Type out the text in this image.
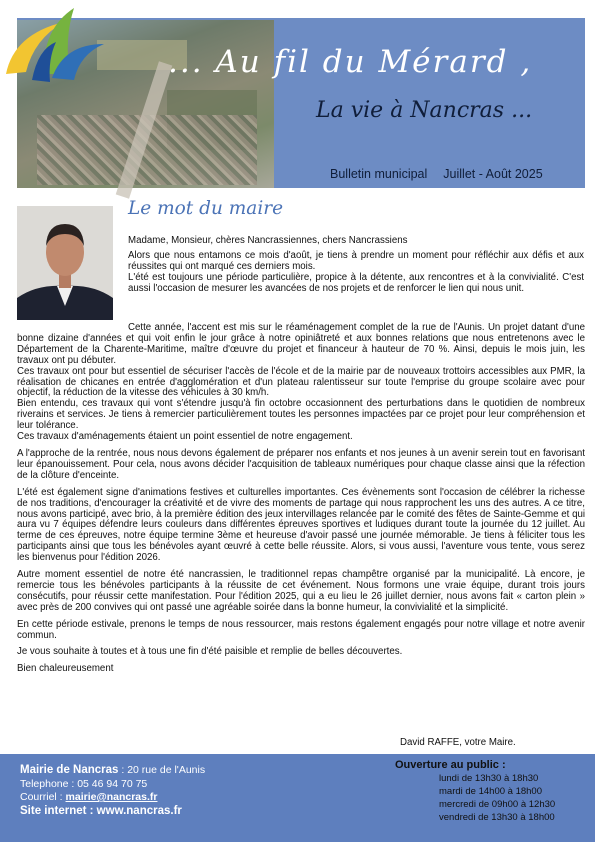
... Au fil du Mérard ,
La vie à Nancras ...
Bulletin municipal Juillet - Août 2025
Le mot du maire

Madame, Monsieur, chères Nancrassiennes, chers Nancrassiens

Alors que nous entamons ce mois d'août, je tiens à prendre un moment pour réfléchir aux défis et aux réussites qui ont marqué ces derniers mois.

L'été est toujours une période particulière, propice à la détente, aux rencontres et à la convivialité. C'est aussi l'occasion de mesurer les avancées de nos projets et de renforcer le lien qui nous unit.

Cette année, l'accent est mis sur le réaménagement complet de la rue de l'Aunis. Un projet datant d'une bonne dizaine d'années et qui voit enfin le jour grâce à notre opiniâtreté et aux bonnes relations que nous entretenons avec le Département de la Charente-Maritime, maître d'œuvre du projet et financeur à hauteur de 70 %. Ainsi, depuis le mois juin, les travaux ont pu débuter.

Ces travaux ont pour but essentiel de sécuriser l'accès de l'école et de la mairie par de nouveaux trottoirs accessibles aux PMR, la réalisation de chicanes en entrée d'agglomération et d'un plateau ralentisseur sur toute l'emprise du groupe scolaire avec pour objectif, la réduction de la vitesse des véhicules à 30 km/h.

Bien entendu, ces travaux qui vont s'étendre jusqu'à fin octobre occasionnent des perturbations dans le quotidien de nombreux riverains et services. Je tiens à remercier particulièrement toutes les personnes impactées par ce projet pour leur compréhension et leur tolérance.

Ces travaux d'aménagements étaient un point essentiel de notre engagement.

A l'approche de la rentrée, nous nous devons également de préparer nos enfants et nos jeunes à un avenir serein tout en favorisant leur épanouissement. Pour cela, nous avons décider l'acquisition de tableaux numériques pour chaque classe ainsi que la réfection de la clôture d'enceinte.

L'été est également signe d'animations festives et culturelles importantes. Ces évènements sont l'occasion de célébrer la richesse de nos traditions, d'encourager la créativité et de vivre des moments de partage qui nous rapprochent les uns des autres. A ce titre, nous avons participé, avec brio, à la première édition des jeux intervillages relancée par le comité des fêtes de Sainte-Gemme et qui aura vu 7 équipes défendre leurs couleurs dans différentes épreuves sportives et ludiques durant toute la journée du 12 juillet. Au terme de ces épreuves, notre équipe termine 3ème et heureuse d'avoir passé une journée mémorable. Je tiens à féliciter tous les participants ainsi que tous les bénévoles ayant œuvré à cette belle réussite. Alors, si vous aussi, l'aventure vous tente, vous serez les bienvenus pour l'édition 2026.

Autre moment essentiel de notre été nancrassien, le traditionnel repas champêtre organisé par la municipalité. Là encore, je remercie tous les bénévoles participants à la réussite de cet événement. Nous formons une vraie équipe, durant trois jours consécutifs, pour réussir cette manifestation. Pour l'édition 2025, qui a eu lieu le 26 juillet dernier, nous avons fait « carton plein » avec près de 200 convives qui ont passé une agréable soirée dans la bonne humeur, la convivialité et la simplicité.

En cette période estivale, prenons le temps de nous ressourcer, mais restons également engagés pour notre village et notre avenir commun.

Je vous souhaite à toutes et à tous une fin d'été paisible et remplie de belles découvertes.

Bien chaleureusement

David RAFFE, votre Maire.
Mairie de Nancras : 20 rue de l'Aunis
Telephone : 05 46 94 70 75
Courriel : mairie@nancras.fr
Site internet : www.nancras.fr
Ouverture au public :
lundi de 13h30 à 18h30
mardi de 14h00 à 18h00
mercredi de 09h00 à 12h30
vendredi de 13h30 à 18h00
